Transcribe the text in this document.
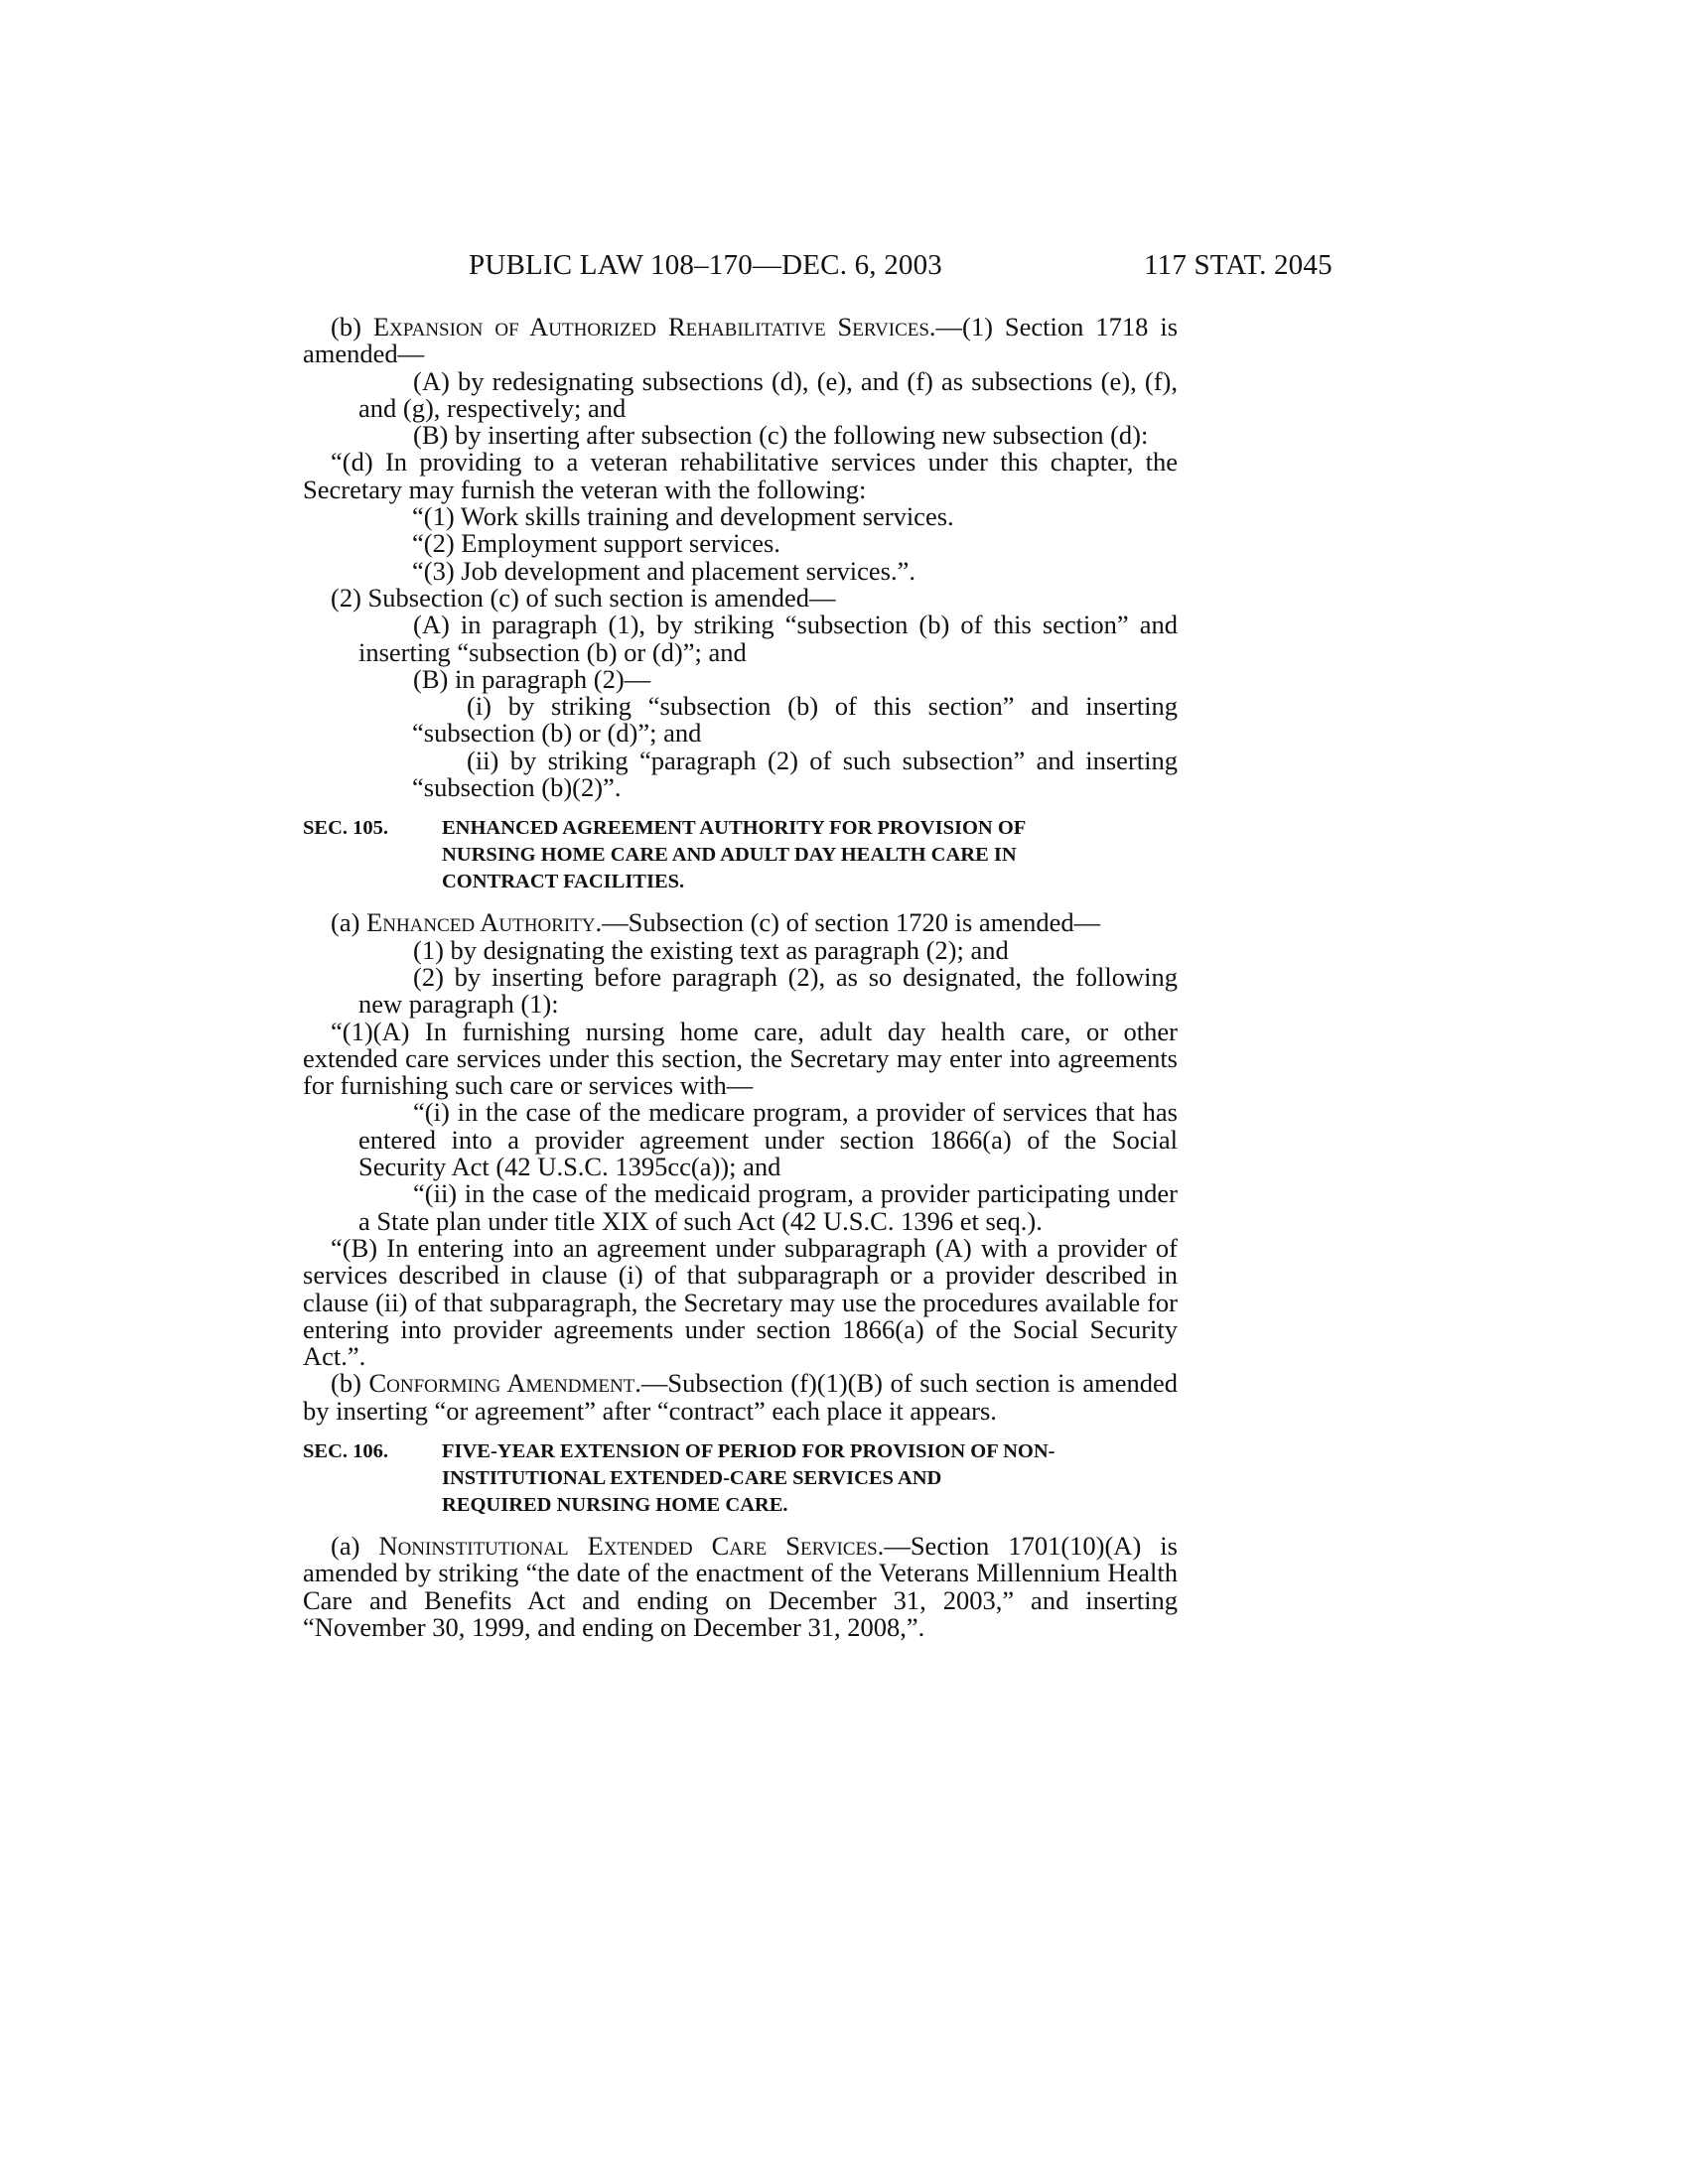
PUBLIC LAW 108–170—DEC. 6, 2003	117 STAT. 2045

(b) Expansion of Authorized Rehabilitative Services.—(1) Section 1718 is amended—

(A) by redesignating subsections (d), (e), and (f) as subsections (e), (f), and (g), respectively; and

(B) by inserting after subsection (c) the following new subsection (d):

“(d) In providing to a veteran rehabilitative services under this chapter, the Secretary may furnish the veteran with the following:

“(1) Work skills training and development services.

“(2) Employment support services.

“(3) Job development and placement services.”.

(2) Subsection (c) of such section is amended—

(A) in paragraph (1), by striking “subsection (b) of this section” and inserting “subsection (b) or (d)”; and

(B) in paragraph (2)—

(i) by striking “subsection (b) of this section” and inserting “subsection (b) or (d)”; and

(ii) by striking “paragraph (2) of such subsection” and inserting “subsection (b)(2)”.

SEC. 105.	ENHANCED AGREEMENT AUTHORITY FOR PROVISION OF
NURSING HOME CARE AND ADULT DAY HEALTH CARE IN
CONTRACT FACILITIES.

(a) Enhanced Authority.—Subsection (c) of section 1720 is amended—

(1) by designating the existing text as paragraph (2); and

(2) by inserting before paragraph (2), as so designated, the following new paragraph (1):

“(1)(A) In furnishing nursing home care, adult day health care, or other extended care services under this section, the Secretary may enter into agreements for furnishing such care or services with—

“(i) in the case of the medicare program, a provider of services that has entered into a provider agreement under section 1866(a) of the Social Security Act (42 U.S.C. 1395cc(a)); and

“(ii) in the case of the medicaid program, a provider participating under a State plan under title XIX of such Act (42 U.S.C. 1396 et seq.).

“(B) In entering into an agreement under subparagraph (A) with a provider of services described in clause (i) of that subparagraph or a provider described in clause (ii) of that subparagraph, the Secretary may use the procedures available for entering into provider agreements under section 1866(a) of the Social Security Act.”.

(b) Conforming Amendment.—Subsection (f)(1)(B) of such section is amended by inserting “or agreement” after “contract” each place it appears.

SEC. 106.	FIVE-YEAR EXTENSION OF PERIOD FOR PROVISION OF NON-
INSTITUTIONAL EXTENDED-CARE SERVICES AND
REQUIRED NURSING HOME CARE.

(a) Noninstitutional Extended Care Services.—Section 1701(10)(A) is amended by striking “the date of the enactment of the Veterans Millennium Health Care and Benefits Act and ending on December 31, 2003,” and inserting “November 30, 1999, and ending on December 31, 2008,”.
